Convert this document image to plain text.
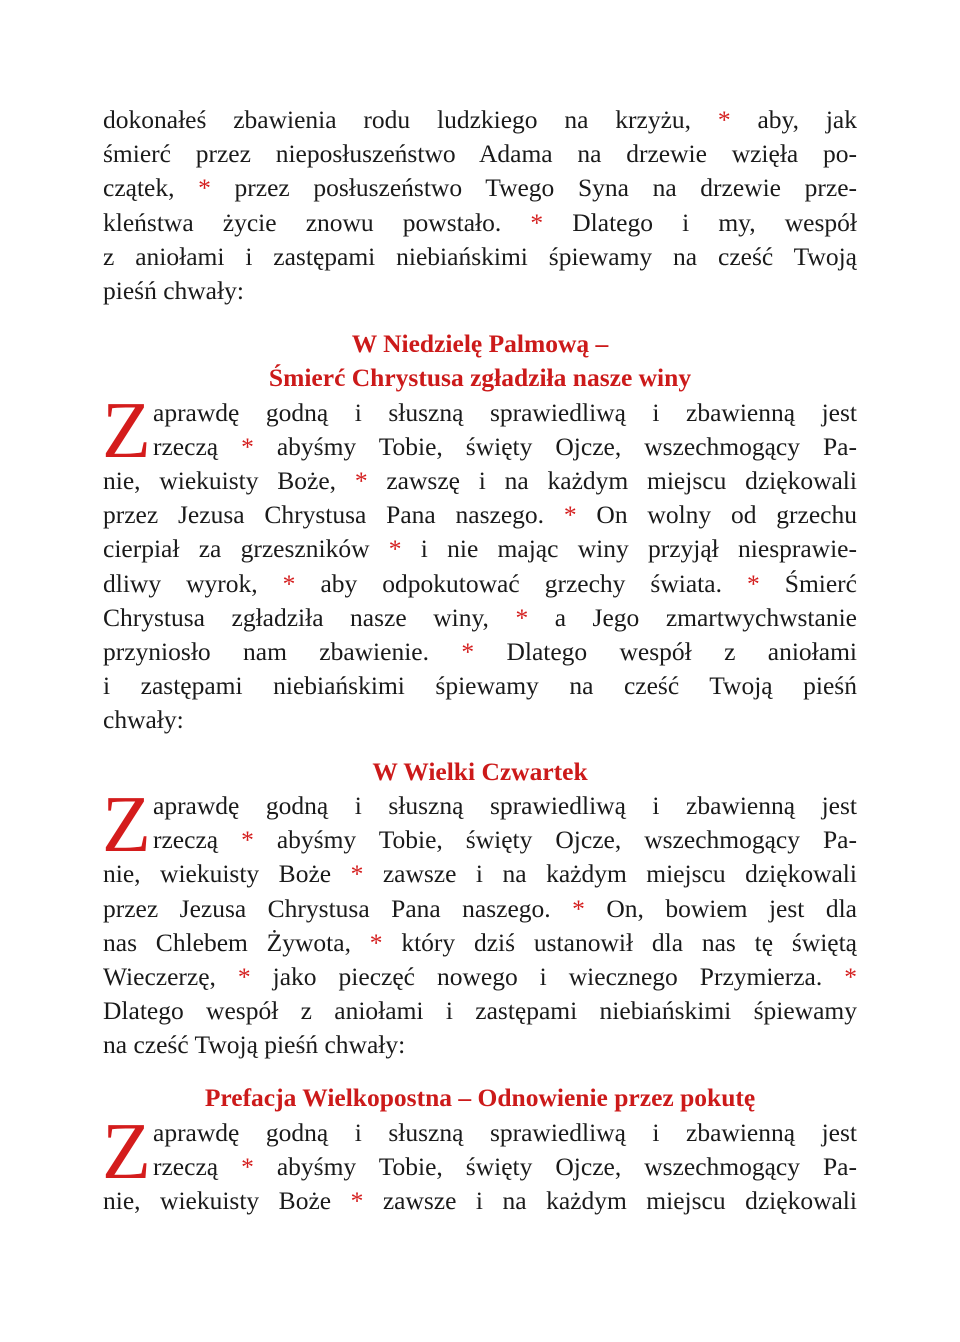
dokonałeś zbawienia rodu ludzkiego na krzyżu, * aby, jak
śmierć przez nieposłuszeństwo Adama na drzewie wzięła po-
czątek, * przez posłuszeństwo Twego Syna na drzewie prze-
kleństwa życie znowu powstało. * Dlatego i my, wespół
z aniołami i zastępami niebiańskimi śpiewamy na cześć Twoją
pieśń chwały:
W Niedzielę Palmową –
Śmierć Chrystusa zgładziła nasze winy
Z aprawdę godną i słuszną sprawiedliwą i zbawienną jest
rzeczą * abyśmy Tobie, święty Ojcze, wszechmogący Pa-
nie, wiekuisty Boże, * zawszę i na każdym miejscu dziękowali
przez Jezusa Chrystusa Pana naszego. * On wolny od grzechu
cierpiał za grzeszników * i nie mając winy przyjął niesprawie-
dliwy wyrok, * aby odpokutować grzechy świata. * Śmierć
Chrystusa zgładziła nasze winy, * a Jego zmartwychwstanie
przyniosło nam zbawienie. * Dlatego wespół z aniołami
i zastępami niebiańskimi śpiewamy na cześć Twoją pieśń
chwały:
W Wielki Czwartek
Z aprawdę godną i słuszną sprawiedliwą i zbawienną jest
rzeczą * abyśmy Tobie, święty Ojcze, wszechmogący Pa-
nie, wiekuisty Boże * zawsze i na każdym miejscu dziękowali
przez Jezusa Chrystusa Pana naszego. * On, bowiem jest dla
nas Chlebem Żywota, * który dziś ustanowił dla nas tę świętą
Wieczerzę, * jako pieczęć nowego i wiecznego Przymierza. *
Dlatego wespół z aniołami i zastępami niebiańskimi śpiewamy
na cześć Twoją pieśń chwały:
Prefacja Wielkopostna – Odnowienie przez pokutę
Z aprawdę godną i słuszną sprawiedliwą i zbawienną jest
rzeczą * abyśmy Tobie, święty Ojcze, wszechmogący Pa-
nie, wiekuisty Boże * zawsze i na każdym miejscu dziękowali
